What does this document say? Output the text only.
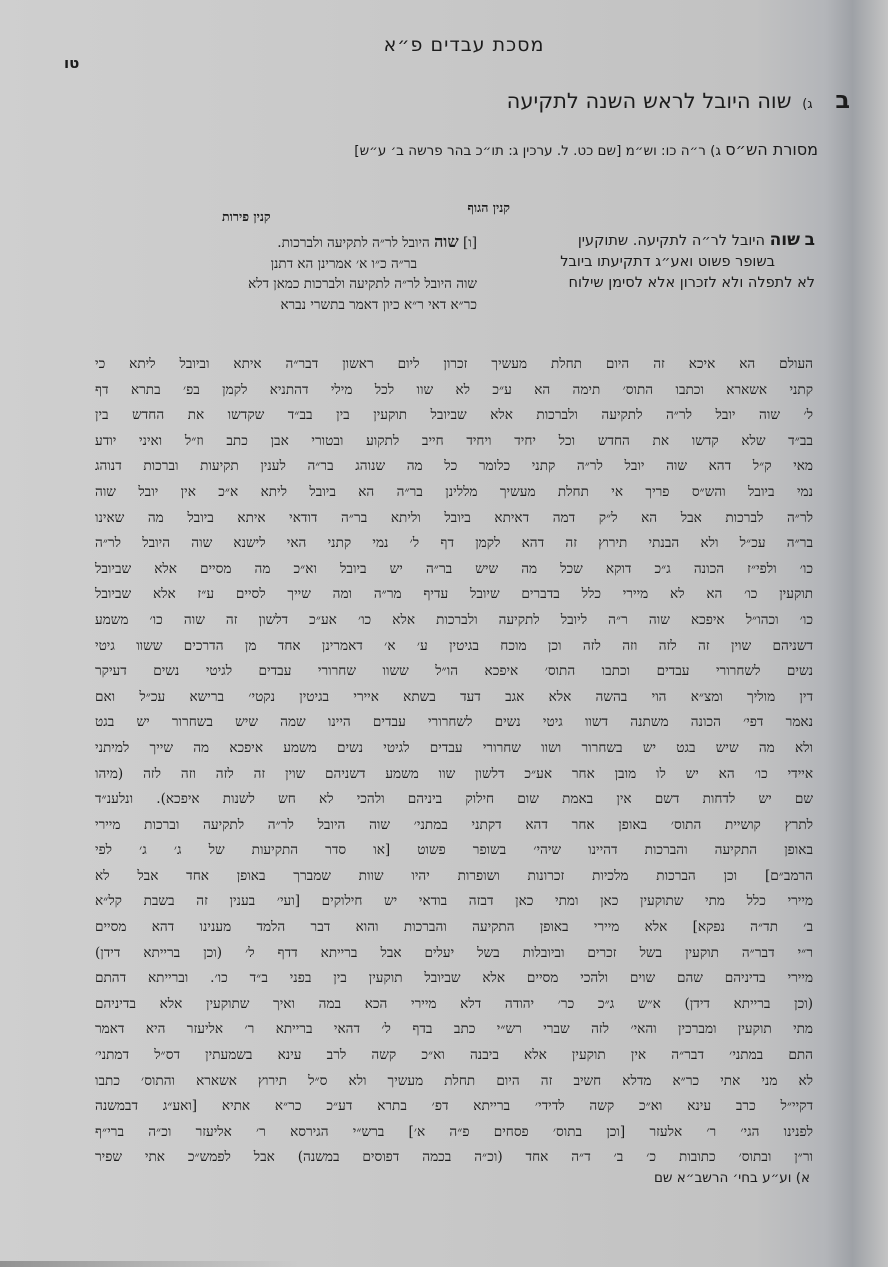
מסכת עבדים פ״א
טו
ב ג) שוה היובל לראש השנה לתקיעה
מסורת הש״ס ג) ר״ה כו: וש״מ [שם כט. ל. ערכין ג: תו״כ בהר פרשה ב׳ ע״ש]
קנין הגוף
קנין פירות
ב שוה היובל לר״ה לתקיעה. שתוקעין
בשופר פשוט ואע״ג דתקיעתו ביובל
לא לתפלה ולא לזכרון אלא לסימן שילוח
[ו] שוה היובל לר״ה לתקיעה ולברכות.
בר״ה כ״ו א׳ אמרינן הא דתנן
שוה היובל לר״ה לתקיעה ולברכות כמאן דלא
כר״א דאי ר״א כיון דאמר בתשרי נברא
העולם הא איכא זה היום תחלת מעשיך זכרון ליום ראשון דבר״ה איתא וביובל ליתא כי
קתני אשארא וכתבו התוס׳ תימה הא ע״כ לא שוו לכל מילי דהתניא לקמן בפ׳ בתרא דף
ל׳ שוה יובל לר״ה לתקיעה ולברכות אלא שביובל תוקעין בין בב״ד שקדשו את החדש בין
בב״ד שלא קדשו את החדש וכל יחיד ויחיד חייב לתקוע ובטורי אבן כתב וז״ל ואיני יודע
מאי ק״ל דהא שוה יובל לר״ה קתני כלומר כל מה שנוהג בר״ה לענין תקיעות וברכות דנוהג
נמי ביובל והש״ס פריך אי תחלת מעשיך מללינן בר״ה הא ביובל ליתא א״כ אין יובל שוה
לר״ה לברכות אבל הא ל״ק דמה דאיתא ביובל וליתא בר״ה דודאי איתא ביובל מה שאינו
בר״ה עכ״ל ולא הבנתי תירוץ זה דהא לקמן דף ל׳ נמי קתני האי לישנא שוה היובל לר״ה
כו׳ ולפי״ז הכונה ג״כ דוקא שכל מה שיש בר״ה יש ביובל וא״כ מה מסיים אלא שביובל
תוקעין כו׳ הא לא מיירי כלל בדברים שיובל עדיף מר״ה ומה שייך לסיים ע״ז אלא שביובל
כו׳ וכהו״ל איפכא שוה ר״ה ליובל לתקיעה ולברכות אלא כו׳ אע״כ דלשון זה שוה כו׳ משמע
דשניהם שוין זה לזה וזה לזה וכן מוכח בגיטין ע׳ א׳ דאמרינן אחד מן הדרכים ששוו גיטי
נשים לשחרורי עבדים וכתבו התוס׳ איפכא הו״ל ששוו שחרורי עבדים לגיטי נשים דעיקר
דין מוליך ומצ״א הוי בהשה אלא אגב דעד בשתא איירי בגיטין נקטי׳ ברישא עכ״ל ואם
נאמר דפי׳ הכונה משתנה דשוו גיטי נשים לשחרורי עבדים היינו שמה שיש בשחרור יש בגט
ולא מה שיש בגט יש בשחרור ושוו שחרורי עבדים לגיטי נשים משמע איפכא מה שייך למיתני
איידי כו׳ הא יש לו מובן אחר אע״כ דלשון שוו משמע דשניהם שוין זה לזה וזה לזה (מיהו
שם יש לדחות דשם אין באמת שום חילוק ביניהם ולהכי לא חש לשנות איפכא). ונלענ״ד
לתרץ קושיית התוס׳ באופן אחר דהא דקתני במתני׳ שוה היובל לר״ה לתקיעה וברכות מיירי
באופן התקיעה והברכות דהיינו שיהי׳ בשופר פשוט [או סדר התקיעות של ג׳ ג׳ לפי
הרמב״ם] וכן הברכות מלכיות זכרונות ושופרות יהיו שוות שמברך באופן אחד אבל לא
מיירי כלל מתי שתוקעין כאן ומתי כאן דבזה בודאי יש חילוקים [ועי׳ בענין זה בשבת קל״א
ב׳ תד״ה נפקא] אלא מיירי באופן התקיעה והברכות והוא דבר הלמד מענינו דהא מסיים
ר״י דבר״ה תוקעין בשל זכרים וביובלות בשל יעלים אבל ברייתא דדף ל׳ (וכן ברייתא דידן)
מיירי בדיניהם שהם שוים ולהכי מסיים אלא שביובל תוקעין בין בפני ב״ד כו׳. וברייתא דהתם
(וכן ברייתא דידן) א״ש ג״כ כר׳ יהודה דלא מיירי הכא במה ואיך שתוקעין אלא בדיניהם
מתי תוקעין ומברכין והאי׳ לזה שברי רש״י כתב בדף ל׳ דהאי ברייתא ר׳ אליעזר היא דאמר
התם במתני׳ דבר״ה אין תוקעין אלא ביבנה וא״כ קשה לרב עינא בשמעתין דס״ל דמתני׳
לא מני אתי כר״א מדלא חשיב זה היום תחלת מעשיך ולא ס״ל תירוץ אשארא והתוס׳ כתבו
דקיי״ל כרב עינא וא״כ קשה לדידי׳ ברייתא דפ׳ בתרא דע״כ כר״א אתיא [ואע״ג דבמשנה
לפנינו הגי׳ ר׳ אלעזר [וכן בתוס׳ פסחים פ״ה א׳] ברש״י הגירסא ר׳ אליעזר וכ״ה ברי״ף
ור״ן ובתוס׳ כתובות כ׳ ב׳ ד״ה אחד (וכ״ה בכמה דפוסים במשנה) אבל לפמש״כ אתי שפיר
א) וע״ע בחי׳ הרשב״א שם
